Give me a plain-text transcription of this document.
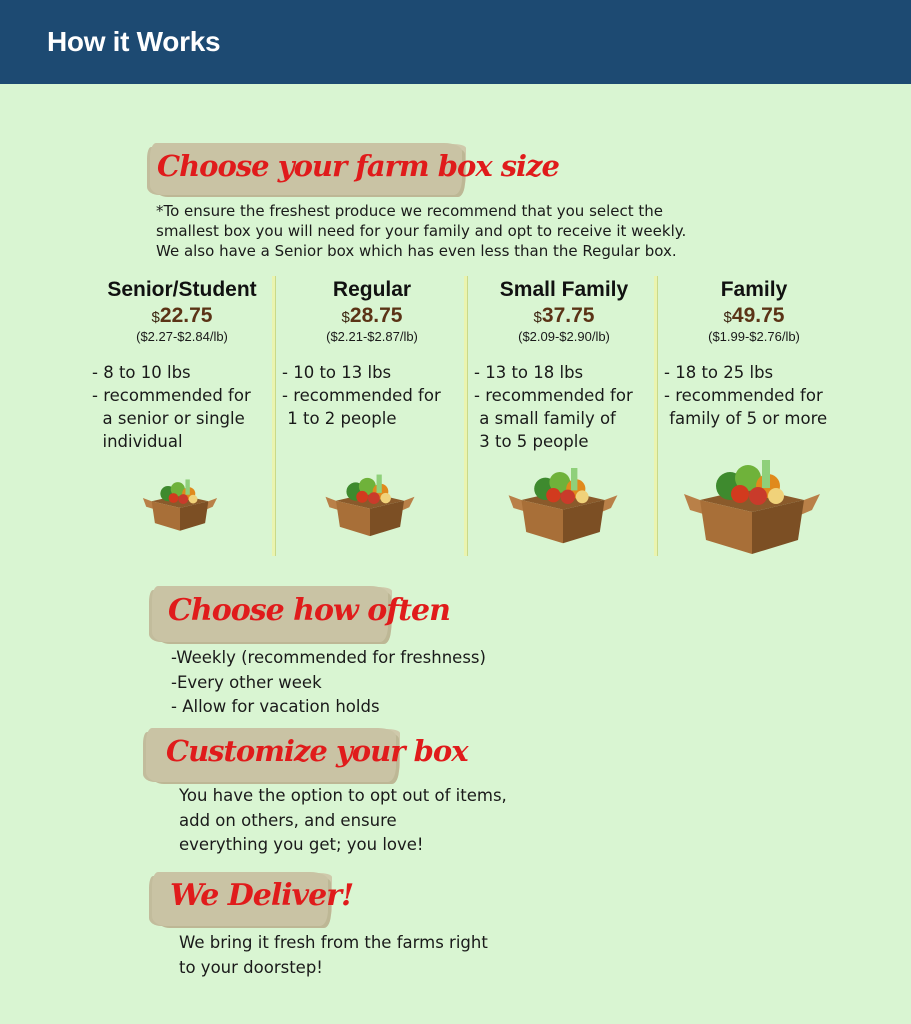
How it Works
Choose your farm box size
*To ensure the freshest produce we recommend that you select the
smallest box you will need for your family and opt to receive it weekly.
We also have a Senior box which has even less than the Regular box.
Senior/Student
$22.75
($2.27-$2.84/lb)
- 8 to 10 lbs
- recommended for
a senior or single
individual
Regular
$28.75
($2.21-$2.87/lb)
- 10 to 13 lbs
- recommended for
1 to 2 people
Small Family
$37.75
($2.09-$2.90/lb)
- 13 to 18 lbs
- recommended for
a small family of
3 to 5 people
Family
$49.75
($1.99-$2.76/lb)
- 18 to 25 lbs
- recommended for
family of 5 or more
Choose how often
-Weekly (recommended for freshness)
-Every other week
- Allow for vacation holds
Customize your box
You have the option to opt out of items,
add on others, and ensure
everything you get; you love!
We Deliver!
We bring it fresh from the farms right
to your doorstep!
